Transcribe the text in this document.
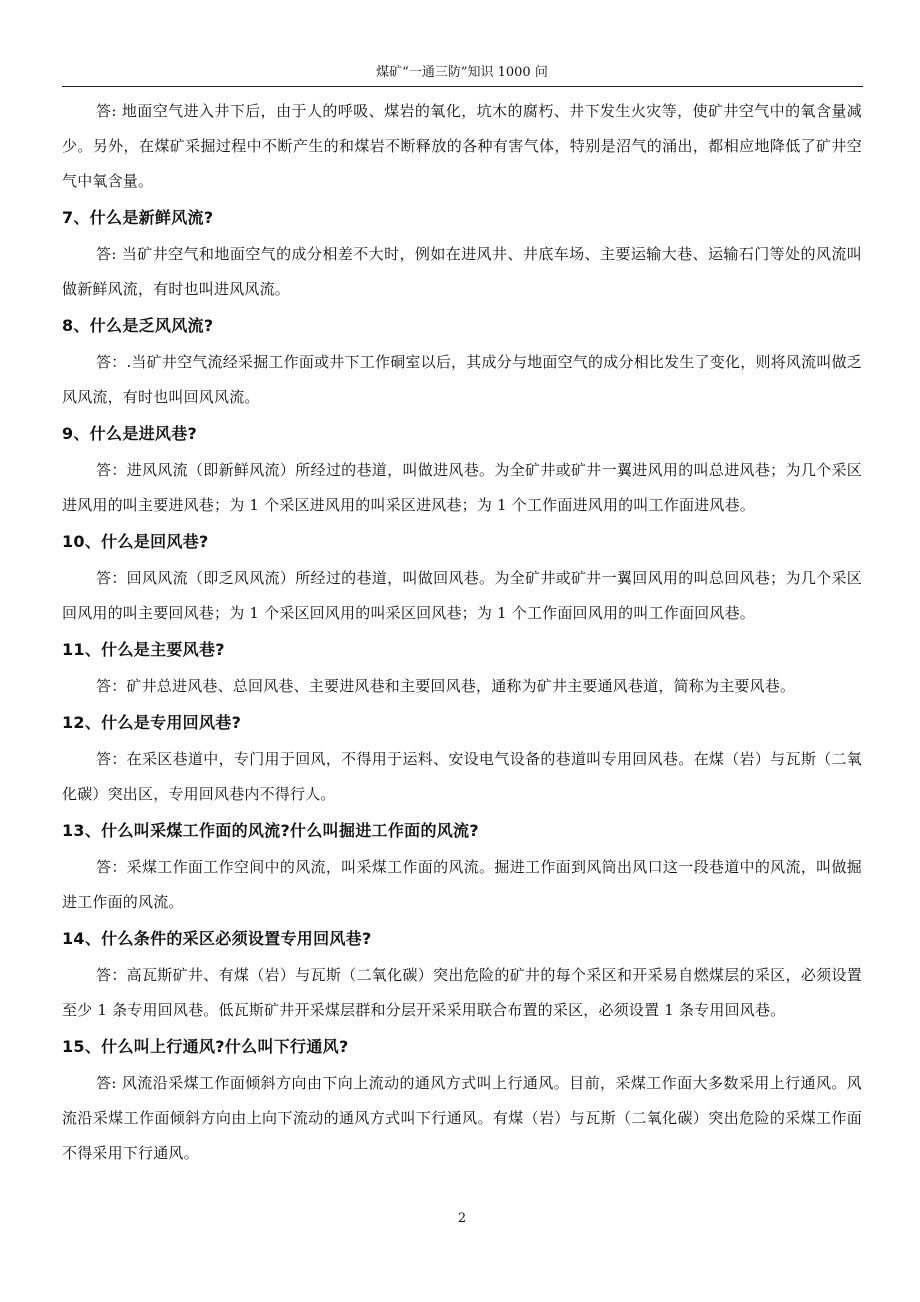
煤矿“一通三防”知识 1000 问

答: 地面空气进入井下后，由于人的呼吸、煤岩的氧化，坑木的腐朽、井下发生火灾等，使矿井空气中的氧含量减少。另外，在煤矿采掘过程中不断产生的和煤岩不断释放的各种有害气体，特别是沼气的涌出，都相应地降低了矿井空气中氧含量。

7、什么是新鲜风流?

答: 当矿井空气和地面空气的成分相差不大时，例如在进风井、井底车场、主要运输大巷、运输石门等处的风流叫做新鲜风流，有时也叫进风风流。

8、什么是乏风风流?

答：.当矿井空气流经采掘工作面或井下工作硐室以后，其成分与地面空气的成分相比发生了变化，则将风流叫做乏风风流，有时也叫回风风流。

9、什么是进风巷?

答：进风风流（即新鲜风流）所经过的巷道，叫做进风巷。为全矿井或矿井一翼进风用的叫总进风巷；为几个采区进风用的叫主要进风巷；为 1 个采区进风用的叫采区进风巷；为 1 个工作面进风用的叫工作面进风巷。

10、什么是回风巷?

答：回风风流（即乏风风流）所经过的巷道，叫做回风巷。为全矿井或矿井一翼回风用的叫总回风巷；为几个采区回风用的叫主要回风巷；为 1 个采区回风用的叫采区回风巷；为 1 个工作面回风用的叫工作面回风巷。

11、什么是主要风巷?

答：矿井总进风巷、总回风巷、主要进风巷和主要回风巷，通称为矿井主要通风巷道，简称为主要风巷。

12、什么是专用回风巷?

答：在采区巷道中，专门用于回风，不得用于运料、安设电气设备的巷道叫专用回风巷。在煤（岩）与瓦斯（二氧化碳）突出区，专用回风巷内不得行人。

13、什么叫采煤工作面的风流?什么叫掘进工作面的风流?

答：采煤工作面工作空间中的风流，叫采煤工作面的风流。掘进工作面到风筒出风口这一段巷道中的风流，叫做掘进工作面的风流。

14、什么条件的采区必须设置专用回风巷?

答：高瓦斯矿井、有煤（岩）与瓦斯（二氧化碳）突出危险的矿井的每个采区和开采易自燃煤层的采区，必须设置至少 1 条专用回风巷。低瓦斯矿井开采煤层群和分层开采采用联合布置的采区，必须设置 1 条专用回风巷。

15、什么叫上行通风?什么叫下行通风?

答: 风流沿采煤工作面倾斜方向由下向上流动的通风方式叫上行通风。目前，采煤工作面大多数采用上行通风。风流沿采煤工作面倾斜方向由上向下流动的通风方式叫下行通风。有煤（岩）与瓦斯（二氧化碳）突出危险的采煤工作面不得采用下行通风。

2
